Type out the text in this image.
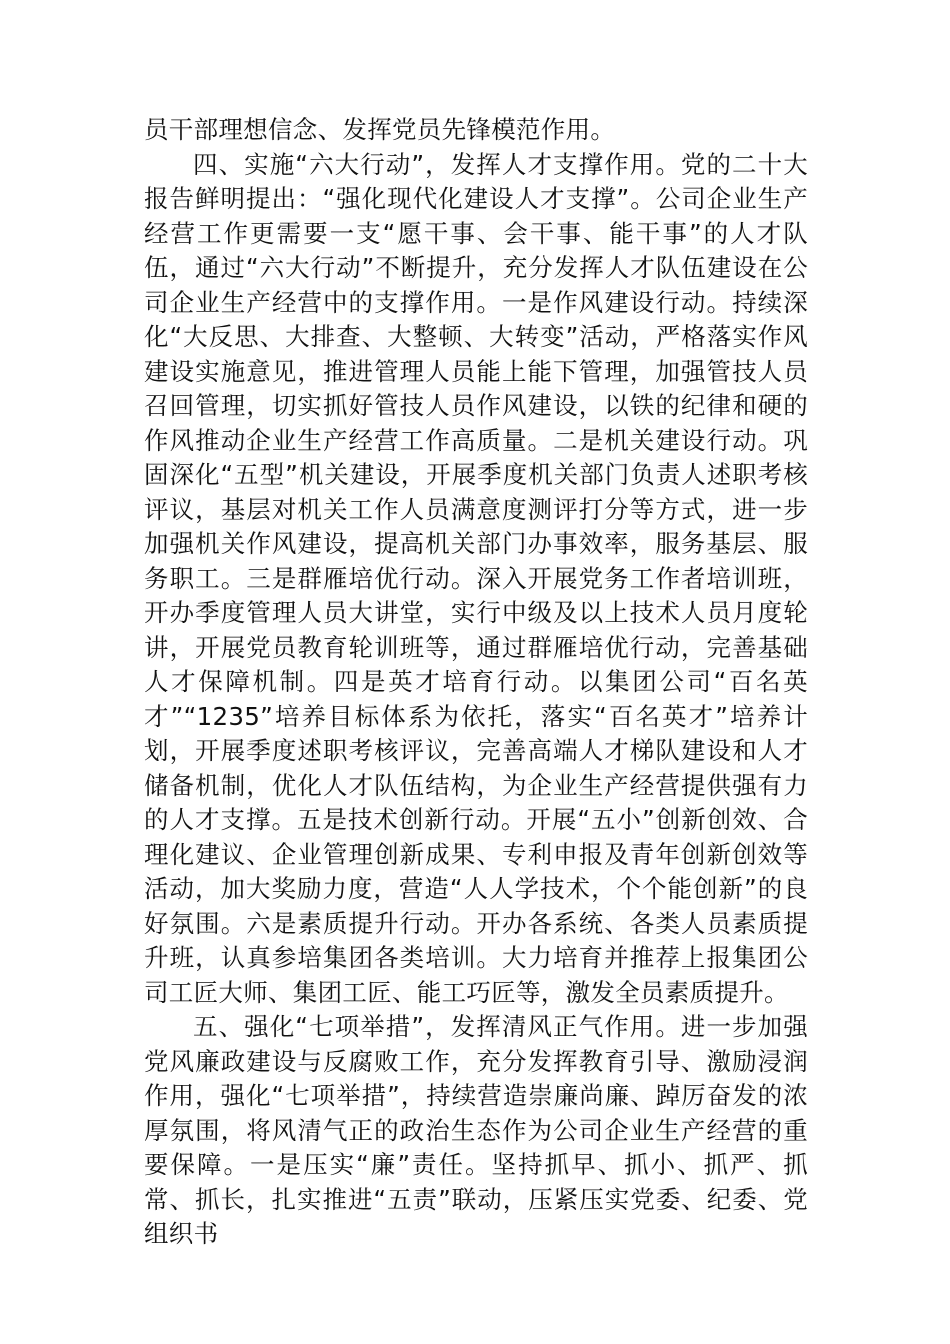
员干部理想信念、发挥党员先锋模范作用。

四、实施“六大行动”，发挥人才支撑作用。党的二十大报告鲜明提出：“强化现代化建设人才支撑”。公司企业生产经营工作更需要一支“愿干事、会干事、能干事”的人才队伍，通过“六大行动”不断提升，充分发挥人才队伍建设在公司企业生产经营中的支撑作用。一是作风建设行动。持续深化“大反思、大排查、大整顿、大转变”活动，严格落实作风建设实施意见，推进管理人员能上能下管理，加强管技人员召回管理，切实抓好管技人员作风建设，以铁的纪律和硬的作风推动企业生产经营工作高质量。二是机关建设行动。巩固深化“五型”机关建设，开展季度机关部门负责人述职考核评议，基层对机关工作人员满意度测评打分等方式，进一步加强机关作风建设，提高机关部门办事效率，服务基层、服务职工。三是群雁培优行动。深入开展党务工作者培训班，开办季度管理人员大讲堂，实行中级及以上技术人员月度轮讲，开展党员教育轮训班等，通过群雁培优行动，完善基础人才保障机制。四是英才培育行动。以集团公司“百名英才”“1235”培养目标体系为依托，落实“百名英才”培养计划，开展季度述职考核评议，完善高端人才梯队建设和人才储备机制，优化人才队伍结构，为企业生产经营提供强有力的人才支撑。五是技术创新行动。开展“五小”创新创效、合理化建议、企业管理创新成果、专利申报及青年创新创效等活动，加大奖励力度，营造“人人学技术，个个能创新”的良好氛围。六是素质提升行动。开办各系统、各类人员素质提升班，认真参培集团各类培训。大力培育并推荐上报集团公司工匠大师、集团工匠、能工巧匠等，激发全员素质提升。

五、强化“七项举措”，发挥清风正气作用。进一步加强党风廉政建设与反腐败工作，充分发挥教育引导、激励浸润作用，强化“七项举措”，持续营造崇廉尚廉、踔厉奋发的浓厚氛围，将风清气正的政治生态作为公司企业生产经营的重要保障。一是压实“廉”责任。坚持抓早、抓小、抓严、抓常、抓长，扎实推进“五责”联动，压紧压实党委、纪委、党组织书
